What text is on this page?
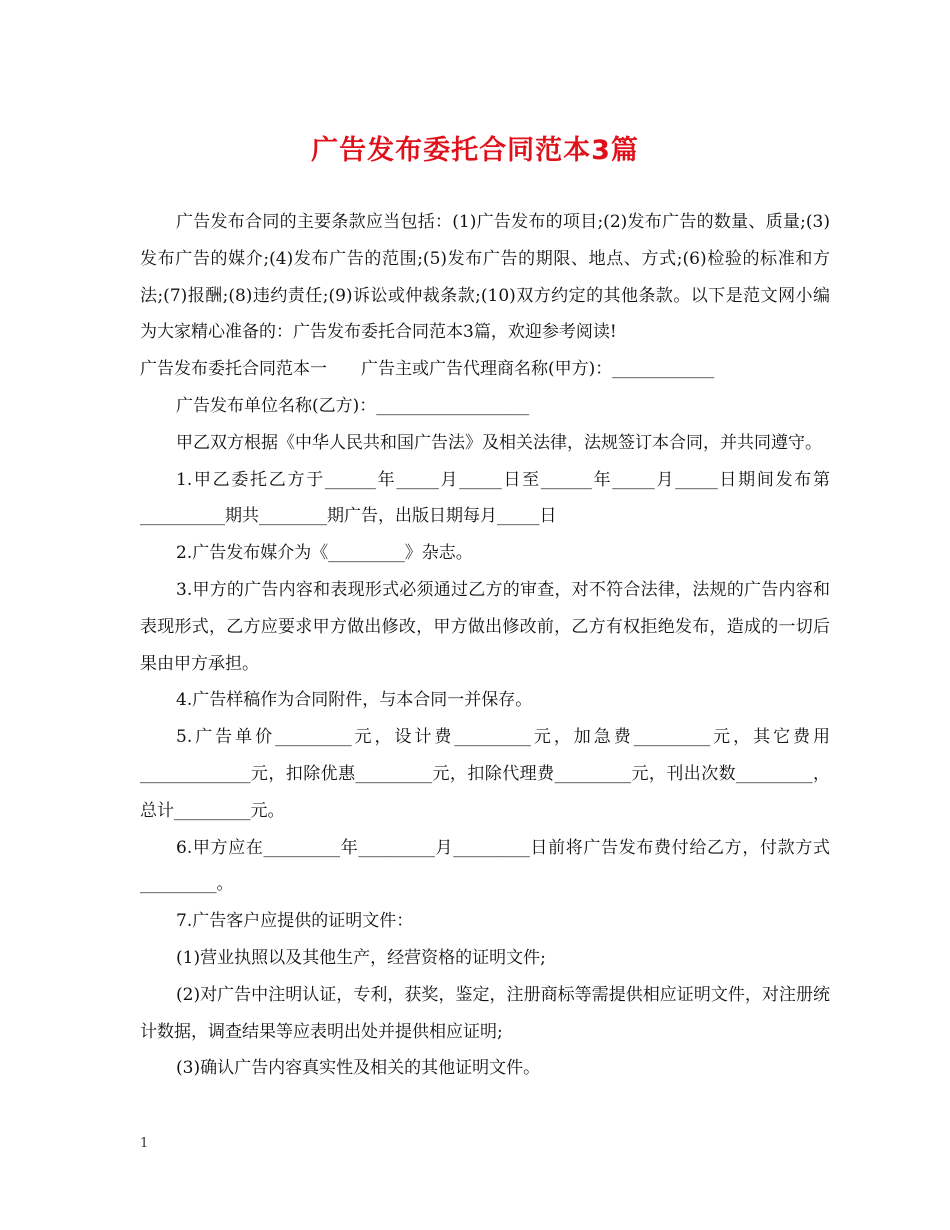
广告发布委托合同范本3篇

广告发布合同的主要条款应当包括：(1)广告发布的项目;(2)发布广告的数量、质量;(3)发布广告的媒介;(4)发布广告的范围;(5)发布广告的期限、地点、方式;(6)检验的标准和方法;(7)报酬;(8)违约责任;(9)诉讼或仲裁条款;(10)双方约定的其他条款。以下是范文网小编为大家精心准备的：广告发布委托合同范本3篇，欢迎参考阅读!

广告发布委托合同范本一　　广告主或广告代理商名称(甲方)：____________

广告发布单位名称(乙方)：__________________

甲乙双方根据《中华人民共和国广告法》及相关法律，法规签订本合同，并共同遵守。

1.甲乙委托乙方于______年_____月_____日至______年_____月_____日期间发布第__________期共________期广告，出版日期每月_____日

2.广告发布媒介为《_________》杂志。

3.甲方的广告内容和表现形式必须通过乙方的审查，对不符合法律，法规的广告内容和表现形式，乙方应要求甲方做出修改，甲方做出修改前，乙方有权拒绝发布，造成的一切后果由甲方承担。

4.广告样稿作为合同附件，与本合同一并保存。

5.广告单价_________元，设计费_________元，加急费_________元，其它费用_____________元，扣除优惠_________元，扣除代理费_________元，刊出次数_________，总计_________元。

6.甲方应在_________年_________月_________日前将广告发布费付给乙方，付款方式_________。

7.广告客户应提供的证明文件：

(1)营业执照以及其他生产，经营资格的证明文件;

(2)对广告中注明认证，专利，获奖，鉴定，注册商标等需提供相应证明文件，对注册统计数据，调查结果等应表明出处并提供相应证明;

(3)确认广告内容真实性及相关的其他证明文件。

1
